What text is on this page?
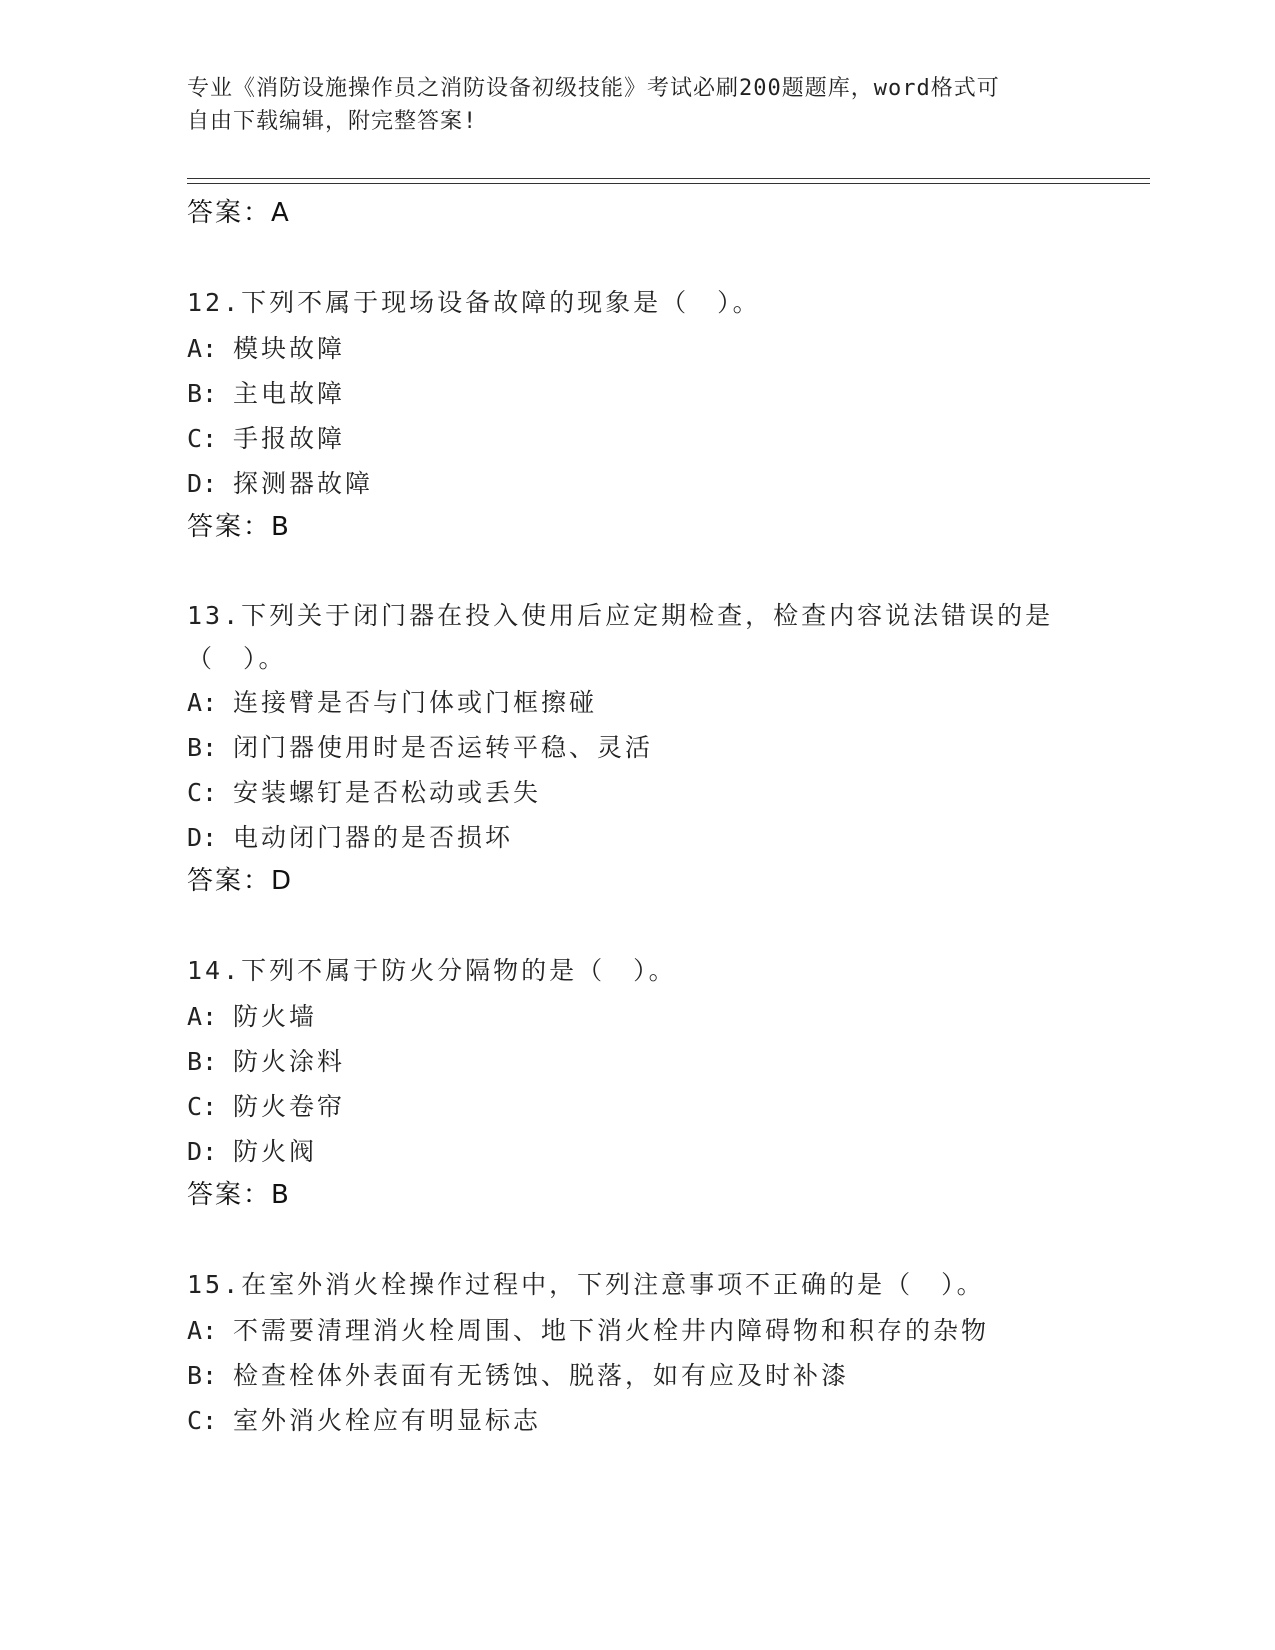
专业《消防设施操作员之消防设备初级技能》考试必刷200题题库，word格式可
自由下载编辑，附完整答案!
答案：A
12.下列不属于现场设备故障的现象是（　）。
A: 模块故障
B: 主电故障
C: 手报故障
D: 探测器故障
答案：B
13.下列关于闭门器在投入使用后应定期检查，检查内容说法错误的是（　）。
A: 连接臂是否与门体或门框擦碰
B: 闭门器使用时是否运转平稳、灵活
C: 安装螺钉是否松动或丢失
D: 电动闭门器的是否损坏
答案：D
14.下列不属于防火分隔物的是（　）。
A: 防火墙
B: 防火涂料
C: 防火卷帘
D: 防火阀
答案：B
15.在室外消火栓操作过程中，下列注意事项不正确的是（　）。
A: 不需要清理消火栓周围、地下消火栓井内障碍物和积存的杂物
B: 检查栓体外表面有无锈蚀、脱落，如有应及时补漆
C: 室外消火栓应有明显标志
